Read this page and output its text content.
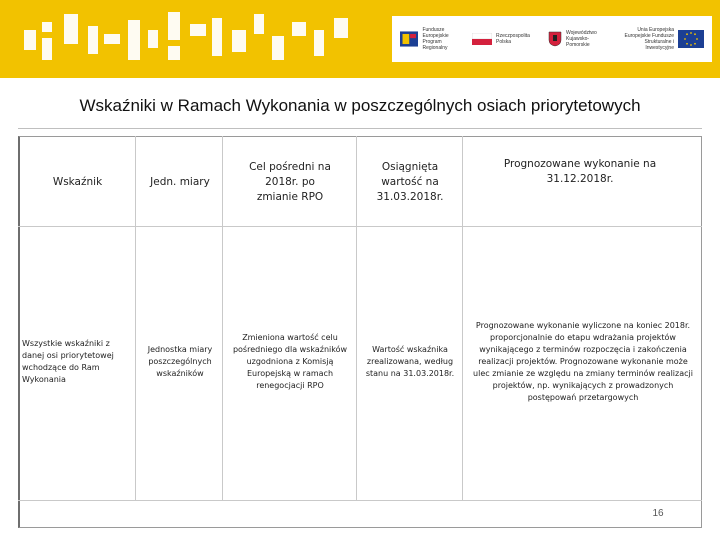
Fundusze Europejskie
Program Regionalny
Rzeczpospolita Polska
Województwo Kujawsko-Pomorskie
Unia Europejska
Europejskie Fundusze Strukturalne i Inwestycyjne
Wskaźniki w Ramach Wykonania w poszczególnych osiach priorytetowych
Wskaźnik	Jedn. miary
Cel pośredni na 2018r. po zmianie RPO
Osiągnięta wartość na 31.03.2018r.
Prognozowane wykonanie na 31.12.2018r.
Wszystkie wskaźniki z danej osi priorytetowej wchodzące do Ram Wykonania
Jednostka miary poszczególnych wskaźników
Zmieniona wartość celu pośredniego dla wskaźników uzgodniona z Komisją Europejską w ramach renegocjacji RPO
Wartość wskaźnika zrealizowana, według stanu na 31.03.2018r.
Prognozowane wykonanie wyliczone na koniec 2018r. proporcjonalnie do etapu wdrażania projektów wynikającego z terminów rozpoczęcia i zakończenia realizacji projektów. Prognozowane wykonanie może ulec zmianie ze względu na zmiany terminów realizacji projektów, np. wynikających z prowadzonych postępowań przetargowych
16
